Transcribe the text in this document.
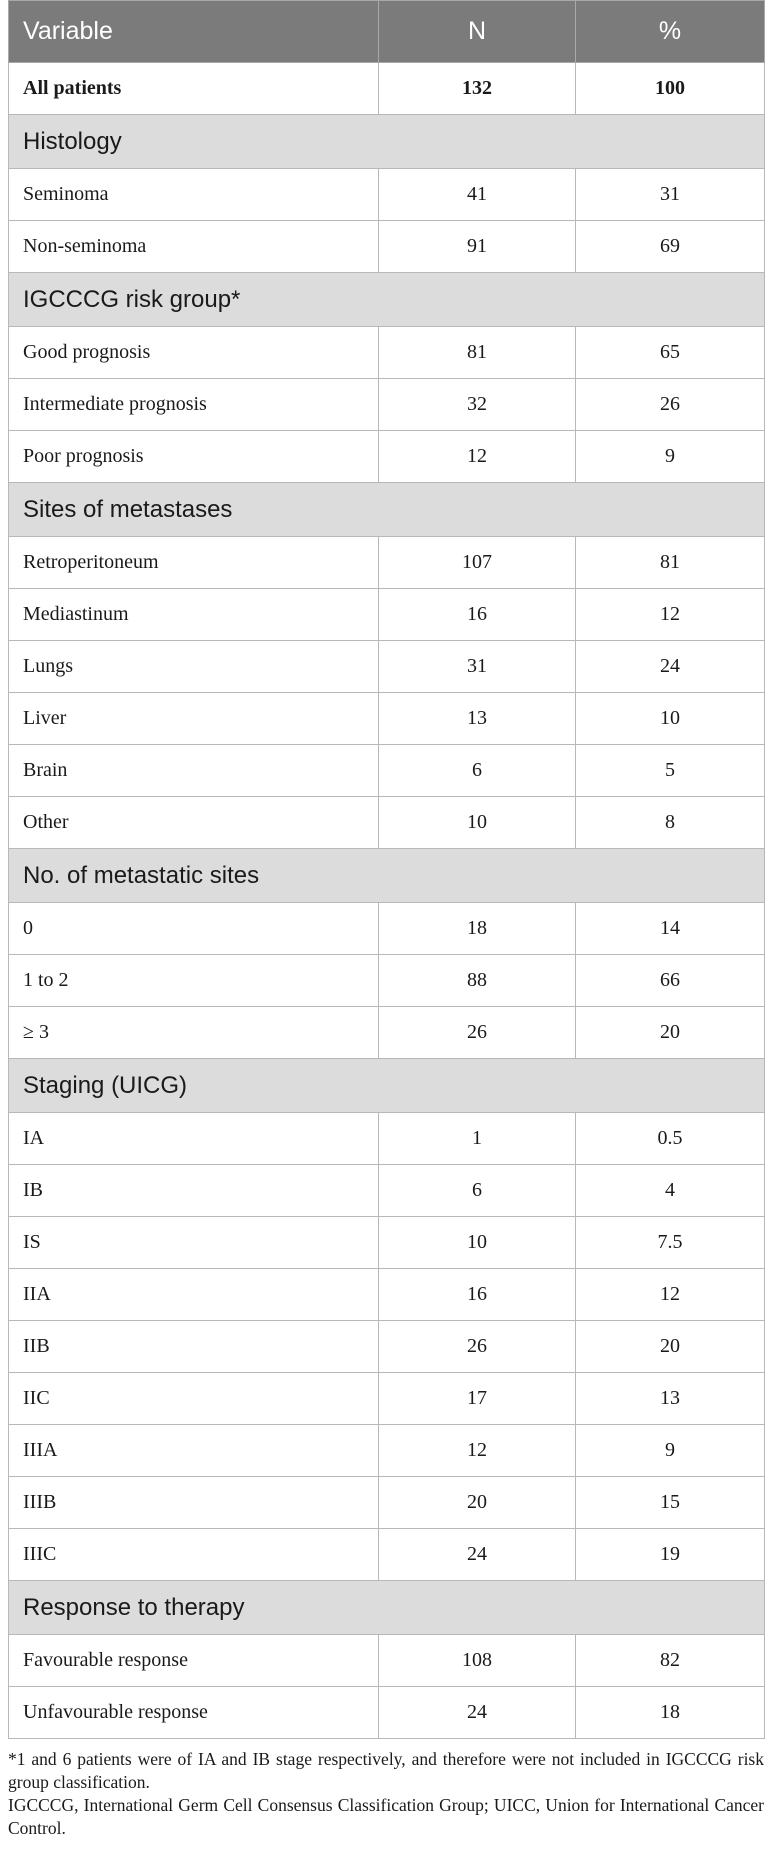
Variable	N	%
All patients	132	100
Histology		
Seminoma	41	31
Non-seminoma	91	69
IGCCCG risk group*		
Good prognosis	81	65
Intermediate prognosis	32	26
Poor prognosis	12	9
Sites of metastases		
Retroperitoneum	107	81
Mediastinum	16	12
Lungs	31	24
Liver	13	10
Brain	6	5
Other	10	8
No. of metastatic sites		
0	18	14
1 to 2	88	66
≥ 3	26	20
Staging (UICG)		
IA	1	0.5
IB	6	4
IS	10	7.5
IIA	16	12
IIB	26	20
IIC	17	13
IIIA	12	9
IIIB	20	15
IIIC	24	19
Response to therapy		
Favourable response	108	82
Unfavourable response	24	18

*1 and 6 patients were of IA and IB stage respectively, and therefore were not included in IGCCCG risk group classification.

IGCCCG, International Germ Cell Consensus Classification Group; UICC, Union for International Cancer Control.
